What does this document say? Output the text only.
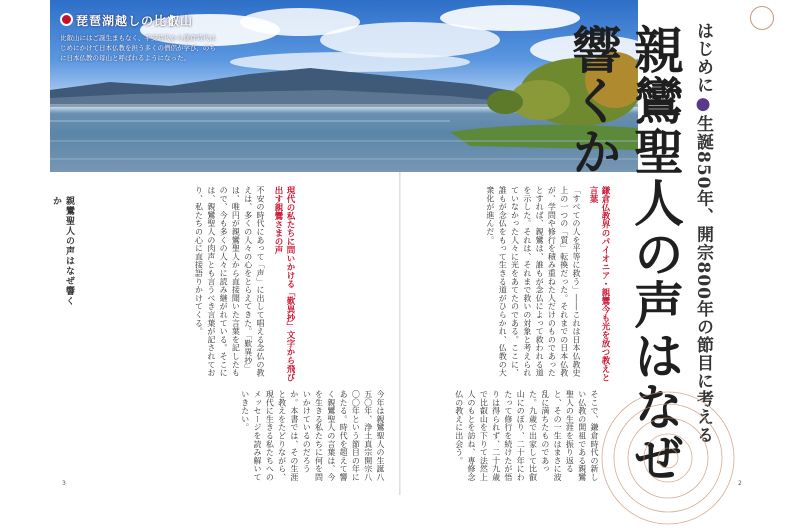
琵琶湖越しの比叡山
比叡山にはご誕生まもなく、平安時代から鎌倉時代はじめにかけて日本仏教を担う多くの僧侶が学び、のちに日本仏教の母山と呼ばれるようになった。	はじめに●生誕850年、開宗800年の節目に考える
親鸞聖人の声はなぜ響くか
鎌倉仏教界のパイオニア・親鸞今も光を放つ教えと言葉
「すべての人を平等に救う」――これは日本仏教史上の一つの「質」転換だった。それまでの日本仏教が、学問や修行を積み重ねた人だけのものであったとすれば、親鸞は、誰もが念仏によって救われる道を示した。それは、それまで救いの対象と考えられていなかった人々に光をあてたのである。ここに、誰もが念仏をもって生きる道がひらかれ、仏教の大衆化が進んだ。
そこで、鎌倉時代の新しい仏教の開祖である親鸞聖人の生涯を振り返ると、その一生はまさに波乱に満ちたものであった。九歳で出家して比叡山にのぼり、二十年にわたって修行を続けたが悟りは得られず、二十九歳で比叡山を下りて法然上人のもとを訪ね、専修念仏の教えに出会う。
親鸞聖人の声はなぜ響くか	現代の私たちに問いかける「歎異抄」文字から飛び出す親鸞さまの声
不安の時代にあって「声」に出して唱える念仏の教えは、多くの人々の心をとらえてきた。「歎異抄」は、唯円が親鸞聖人から直接聞いた言葉を記したもので、今も多くの人々に読み継がれている。そこには、親鸞聖人の肉声とも言うべき言葉が記されており、私たちの心に直接語りかけてくる。
今年は親鸞聖人の生誕八五〇年、浄土真宗開宗八〇〇年という節目の年にあたる。時代を超えて響く親鸞聖人の言葉は、今を生きる私たちに何を問いかけているのだろうか。本書では、その生涯と教えをたどりながら、現代に生きる私たちへのメッセージを読み解いていきたい。
3	2
